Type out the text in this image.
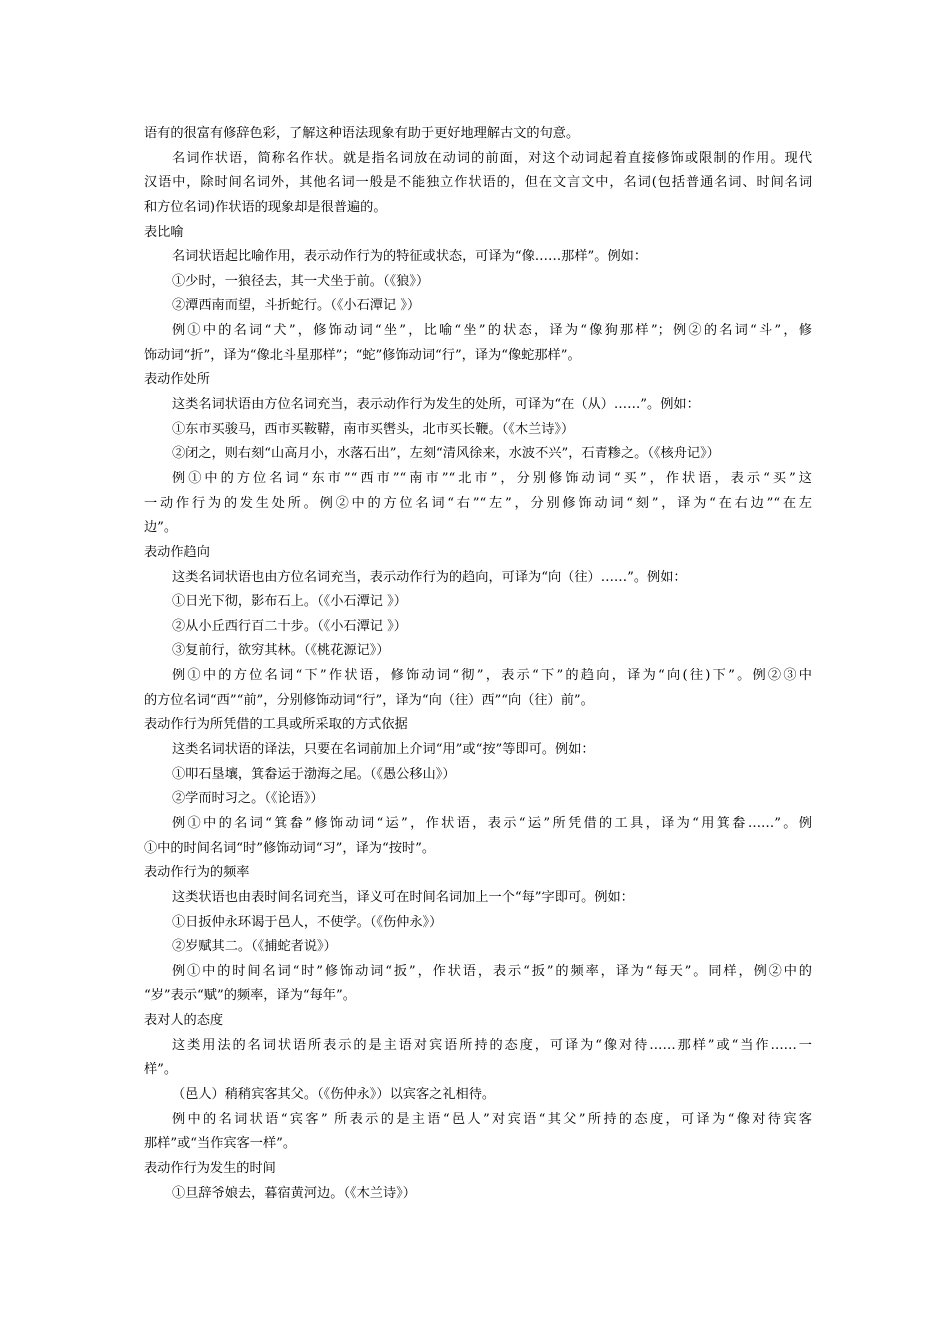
语有的很富有修辞色彩，了解这种语法现象有助于更好地理解古文的句意。
名词作状语，简称名作状。就是指名词放在动词的前面，对这个动词起着直接修饰或限制的作用。现代
汉语中，除时间名词外，其他名词一般是不能独立作状语的，但在文言文中，名词(包括普通名词、时间名词
和方位名词)作状语的现象却是很普遍的。
表比喻
名词状语起比喻作用，表示动作行为的特征或状态，可译为“像……那样”。例如：
①少时，一狼径去，其一犬坐于前。（《狼》）
②潭西南而望，斗折蛇行。（《小石潭记 》）
例①中的名词“犬”，修饰动词“坐”，比喻“坐”的状态，译为“像狗那样”；例②的名词“斗”，修
饰动词“折”，译为“像北斗星那样”；“蛇”修饰动词“行”，译为“像蛇那样”。
表动作处所
这类名词状语由方位名词充当，表示动作行为发生的处所，可译为“在（从）……”。例如：
①东市买骏马，西市买鞍鞯，南市买辔头，北市买长鞭。（《木兰诗》）
②闭之，则右刻“山高月小，水落石出”，左刻“清风徐来，水波不兴”，石青糁之。（《核舟记》）
例①中的方位名词“东市”“西市”“南市”“北市”，分别修饰动词“买”，作状语，表示“买”这
一动作行为的发生处所。例②中的方位名词“右”“左”，分别修饰动词“刻”，译为“在右边”“在左
边”。
表动作趋向
这类名词状语也由方位名词充当，表示动作行为的趋向，可译为“向（往）……”。例如：
①日光下彻，影布石上。（《小石潭记 》）
②从小丘西行百二十步。（《小石潭记 》）
③复前行，欲穷其林。（《桃花源记》）
例①中的方位名词“下”作状语，修饰动词“彻”，表示“下”的趋向，译为“向(往)下”。例②③中
的方位名词“西”“前”，分别修饰动词“行”，译为“向（往）西”“向（往）前”。
表动作行为所凭借的工具或所采取的方式依据
这类名词状语的译法，只要在名词前加上介词“用”或“按”等即可。例如：
①叩石垦壤，箕畚运于渤海之尾。（《愚公移山》）
②学而时习之。（《论语》）
例①中的名词“箕畚”修饰动词“运”，作状语，表示“运”所凭借的工具，译为“用箕畚……”。例
①中的时间名词“时”修饰动词“习”，译为“按时”。
表动作行为的频率
这类状语也由表时间名词充当，译义可在时间名词加上一个“每”字即可。例如：
①日扳仲永环谒于邑人，不使学。（《伤仲永》）
②岁赋其二。（《捕蛇者说》）
例①中的时间名词“时”修饰动词“扳”，作状语，表示“扳”的频率，译为“每天”。同样，例②中的
“岁”表示“赋”的频率，译为“每年”。
表对人的态度
这类用法的名词状语所表示的是主语对宾语所持的态度，可译为“像对待……那样”或“当作……一
样”。
（邑人）稍稍宾客其父。（《伤仲永》）以宾客之礼相待。
例中的名词状语“宾客” 所表示的是主语“邑人”对宾语“其父”所持的态度，可译为“像对待宾客
那样”或“当作宾客一样”。
表动作行为发生的时间
①旦辞爷娘去，暮宿黄河边。（《木兰诗》）
